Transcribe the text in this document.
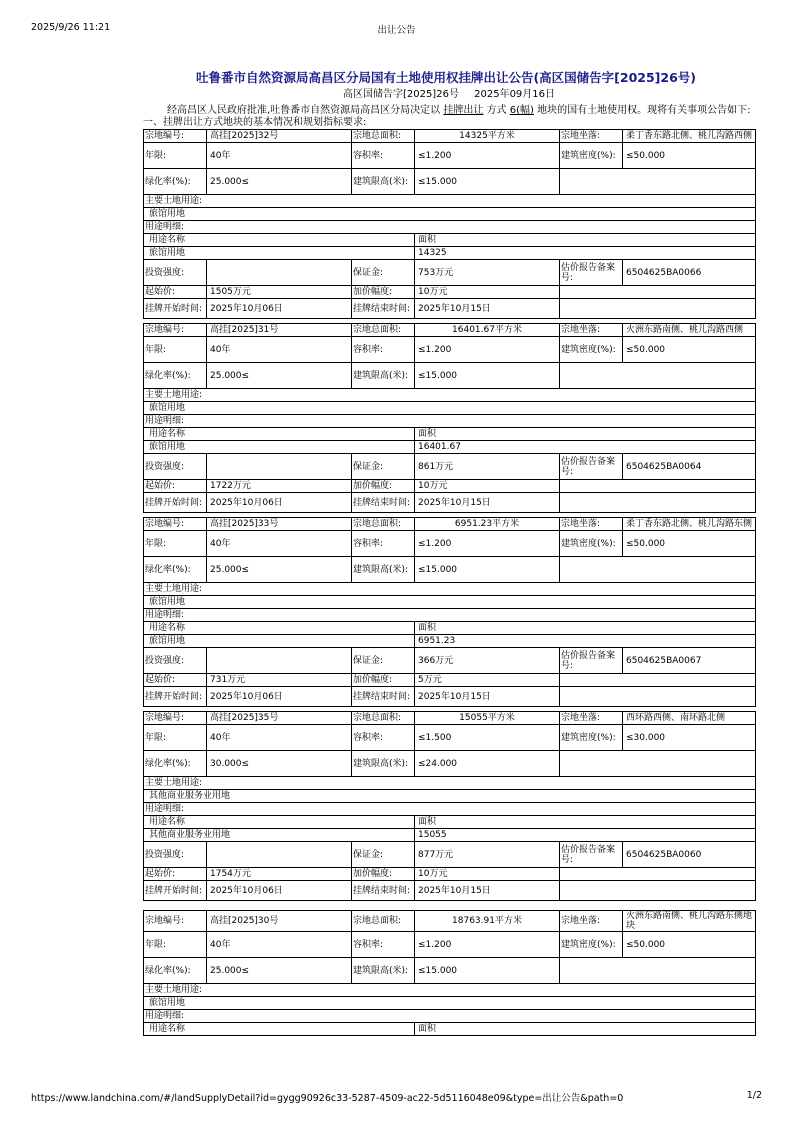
2025/9/26 11:21	出让公告
吐鲁番市自然资源局高昌区分局国有土地使用权挂牌出让公告(高区国储告字[2025]26号)
高区国储告字[2025]26号 2025年09月16日
经高昌区人民政府批准,吐鲁番市自然资源局高昌区分局决定以 挂牌出让 方式 6(幅) 地块的国有土地使用权。现将有关事项公告如下:
一、挂牌出让方式地块的基本情况和规划指标要求:
宗地编号:	高挂[2025]32号	宗地总面积:	14325平方米	宗地坐落:	柔丁香东路北侧、桃儿沟路西侧
年限:	40年	容积率:	≤1.200	建筑密度(%):	≤50.000
绿化率(%):	25.000≤	建筑限高(米):	≤15.000		
主要土地用途:					
旅馆用地					
用途明细:					
用途名称			面积		
旅馆用地			14325		
投资强度:		保证金:	753万元	估价报告备案号:	6504625BA0066
起始价:	1505万元	加价幅度:	10万元		
挂牌开始时间:	2025年10月06日	挂牌结束时间:	2025年10月15日		
宗地编号:	高挂[2025]31号	宗地总面积:	16401.67平方米	宗地坐落:	火洲东路南侧、桃儿沟路西侧
年限:	40年	容积率:	≤1.200	建筑密度(%):	≤50.000
绿化率(%):	25.000≤	建筑限高(米):	≤15.000		
主要土地用途:					
旅馆用地					
用途明细:					
用途名称			面积		
旅馆用地			16401.67		
投资强度:		保证金:	861万元	估价报告备案号:	6504625BA0064
起始价:	1722万元	加价幅度:	10万元		
挂牌开始时间:	2025年10月06日	挂牌结束时间:	2025年10月15日		
宗地编号:	高挂[2025]33号	宗地总面积:	6951.23平方米	宗地坐落:	柔丁香东路北侧、桃儿沟路东侧
年限:	40年	容积率:	≤1.200	建筑密度(%):	≤50.000
绿化率(%):	25.000≤	建筑限高(米):	≤15.000		
主要土地用途:					
旅馆用地					
用途明细:					
用途名称			面积		
旅馆用地			6951.23		
投资强度:		保证金:	366万元	估价报告备案号:	6504625BA0067
起始价:	731万元	加价幅度:	5万元		
挂牌开始时间:	2025年10月06日	挂牌结束时间:	2025年10月15日		
宗地编号:	高挂[2025]35号	宗地总面积:	15055平方米	宗地坐落:	西环路西侧、南环路北侧
年限:	40年	容积率:	≤1.500	建筑密度(%):	≤30.000
绿化率(%):	30.000≤	建筑限高(米):	≤24.000		
主要土地用途:					
其他商业服务业用地					
用途明细:					
用途名称			面积		
其他商业服务业用地			15055		
投资强度:		保证金:	877万元	估价报告备案号:	6504625BA0060
起始价:	1754万元	加价幅度:	10万元		
挂牌开始时间:	2025年10月06日	挂牌结束时间:	2025年10月15日		
宗地编号:	高挂[2025]30号	宗地总面积:	18763.91平方米	宗地坐落:	火洲东路南侧、桃儿沟路东侧地块
年限:	40年	容积率:	≤1.200	建筑密度(%):	≤50.000
绿化率(%):	25.000≤	建筑限高(米):	≤15.000		
主要土地用途:					
旅馆用地					
用途明细:					
用途名称			面积		
https://www.landchina.com/#/landSupplyDetail?id=gygg90926c33-5287-4509-ac22-5d5116048e09&type=出让公告&path=0	1/2
